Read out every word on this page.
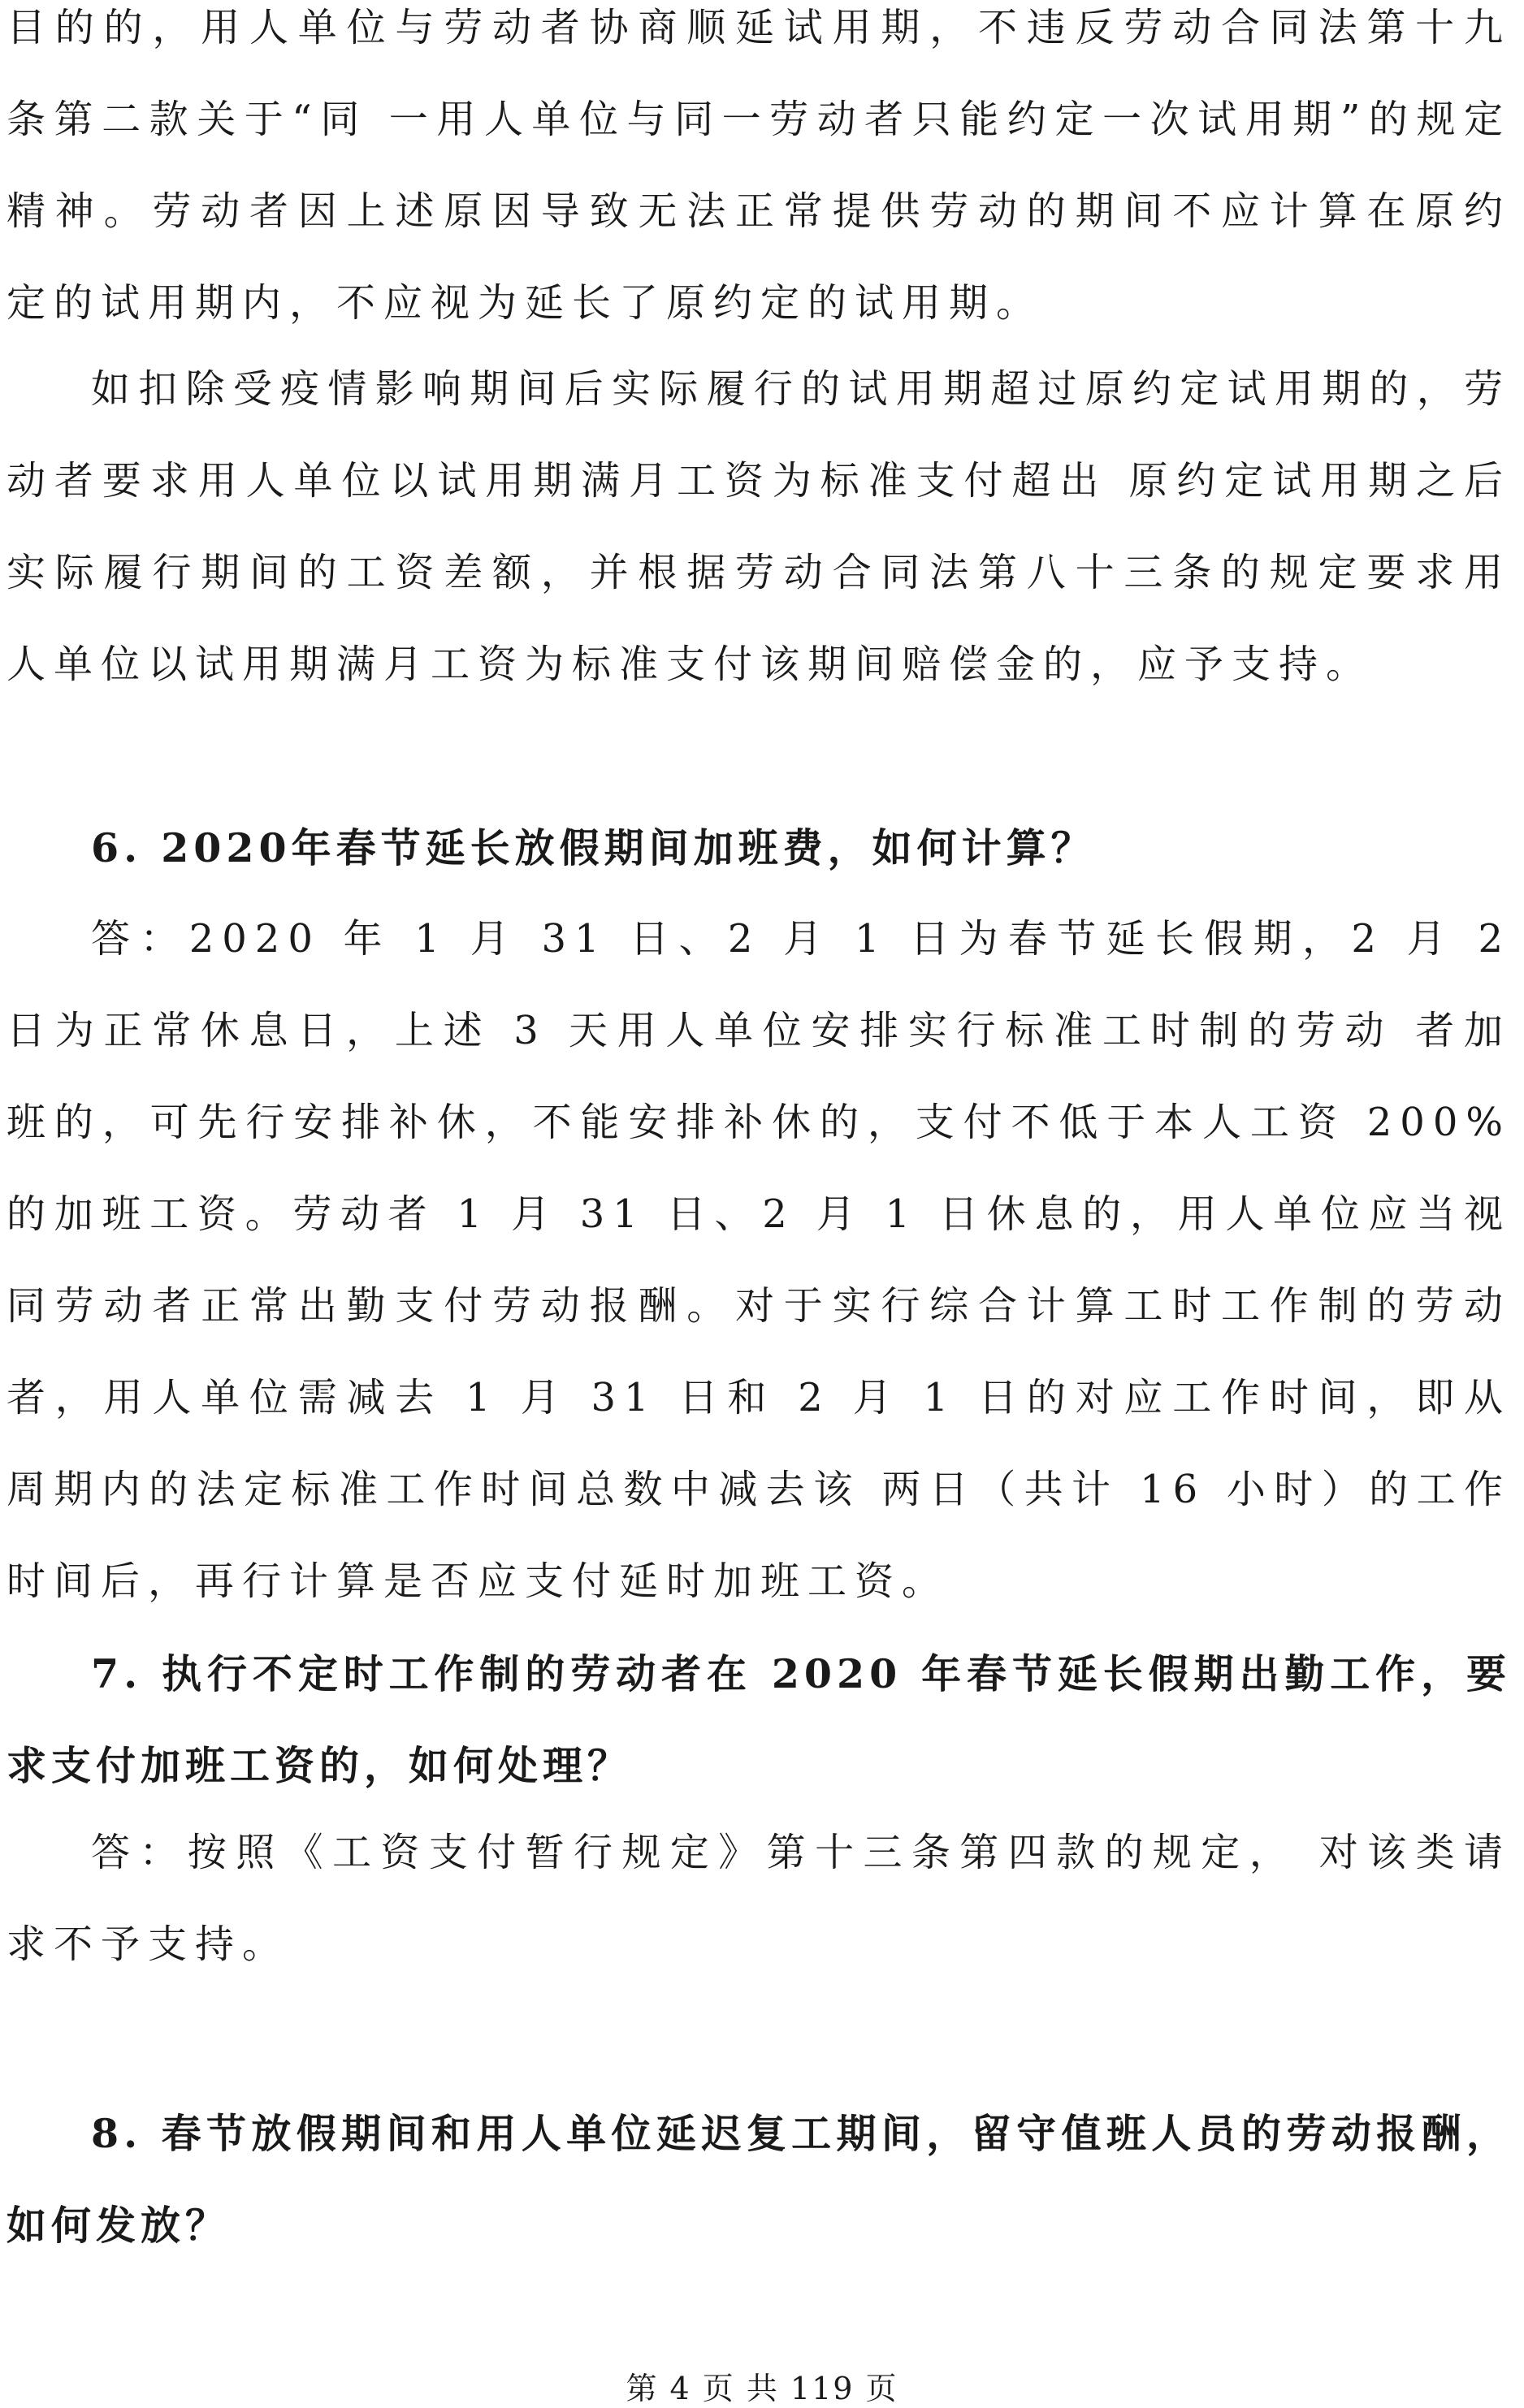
目的的，用人单位与劳动者协商顺延试用期，不违反劳动合同法第十九条第二款关于“同 一用人单位与同一劳动者只能约定一次试用期”的规定精神。劳动者因上述原因导致无法正常提供劳动的期间不应计算在原约 定的试用期内，不应视为延长了原约定的试用期。

如扣除受疫情影响期间后实际履行的试用期超过原约定试用期的，劳动者要求用人单位以试用期满月工资为标准支付超出 原约定试用期之后实际履行期间的工资差额，并根据劳动合同法第八十三条的规定要求用人单位以试用期满月工资为标准支付该期间赔偿金的，应予支持。

6. 2020年春节延长放假期间加班费，如何计算？

答：2020 年 1 月 31 日、2 月 1 日为春节延长假期，2 月 2 日为正常休息日，上述 3 天用人单位安排实行标准工时制的劳动 者加班的，可先行安排补休，不能安排补休的，支付不低于本人工资 200%的加班工资。劳动者 1 月 31 日、2 月 1 日休息的，用人单位应当视同劳动者正常出勤支付劳动报酬。对于实行综合计算工时工作制的劳动者，用人单位需减去 1 月 31 日和 2 月 1 日的对应工作时间，即从周期内的法定标准工作时间总数中减去该 两日（共计 16 小时）的工作时间后，再行计算是否应支付延时加班工资。

7. 执行不定时工作制的劳动者在 2020 年春节延长假期出勤工作，要求支付加班工资的，如何处理？

答：按照《工资支付暂行规定》第十三条第四款的规定， 对该类请求不予支持。

8. 春节放假期间和用人单位延迟复工期间，留守值班人员的劳动报酬，如何发放？

第 4 页 共 119 页
